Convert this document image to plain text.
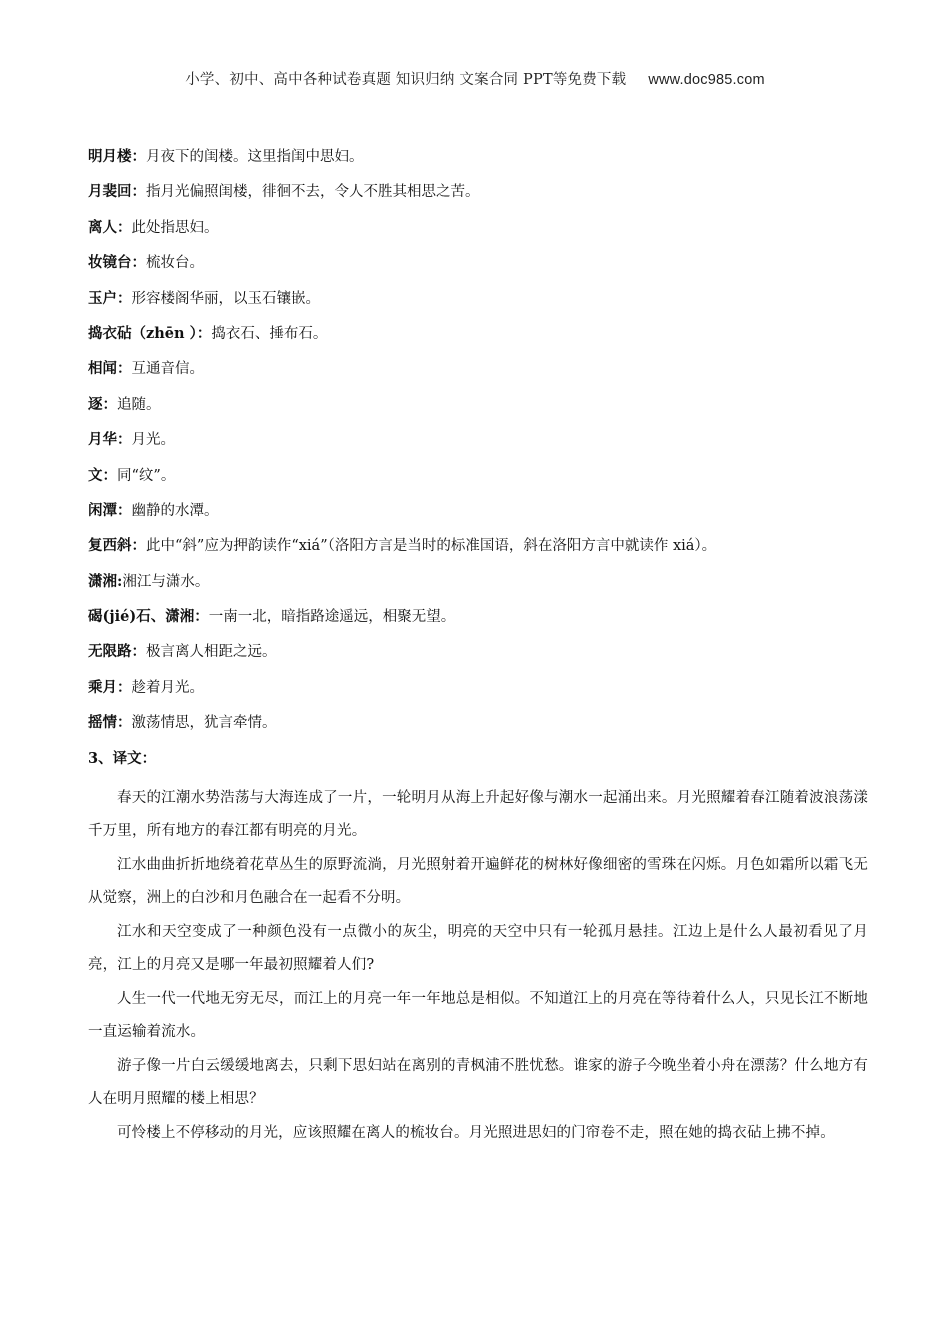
小学、初中、高中各种试卷真题 知识归纳 文案合同 PPT等免费下载 www.doc985.com
明月楼：月夜下的闺楼。这里指闺中思妇。
月裴回：指月光偏照闺楼，徘徊不去，令人不胜其相思之苦。
离人：此处指思妇。
妆镜台：梳妆台。
玉户：形容楼阁华丽，以玉石镶嵌。
捣衣砧（zhēn ）：捣衣石、捶布石。
相闻：互通音信。
逐：追随。
月华：月光。
文：同“纹”。
闲潭：幽静的水潭。
复西斜：此中“斜”应为押韵读作“xiá”（洛阳方言是当时的标准国语，斜在洛阳方言中就读作 xiá）。
潇湘:湘江与潇水。
碣(jié)石、潇湘：一南一北，暗指路途遥远，相聚无望。
无限路：极言离人相距之远。
乘月：趁着月光。
摇情：激荡情思，犹言牵情。
3、译文：

春天的江潮水势浩荡与大海连成了一片，一轮明月从海上升起好像与潮水一起涌出来。月光照耀着春江随着波浪荡漾千万里，所有地方的春江都有明亮的月光。

江水曲曲折折地绕着花草丛生的原野流淌，月光照射着开遍鲜花的树林好像细密的雪珠在闪烁。月色如霜所以霜飞无从觉察，洲上的白沙和月色融合在一起看不分明。

江水和天空变成了一种颜色没有一点微小的灰尘，明亮的天空中只有一轮孤月悬挂。江边上是什么人最初看见了月亮，江上的月亮又是哪一年最初照耀着人们?

人生一代一代地无穷无尽，而江上的月亮一年一年地总是相似。不知道江上的月亮在等待着什么人，只见长江不断地一直运输着流水。

游子像一片白云缓缓地离去，只剩下思妇站在离别的青枫浦不胜忧愁。谁家的游子今晚坐着小舟在漂荡？什么地方有人在明月照耀的楼上相思？

可怜楼上不停移动的月光，应该照耀在离人的梳妆台。月光照进思妇的门帘卷不走，照在她的捣衣砧上拂不掉。
